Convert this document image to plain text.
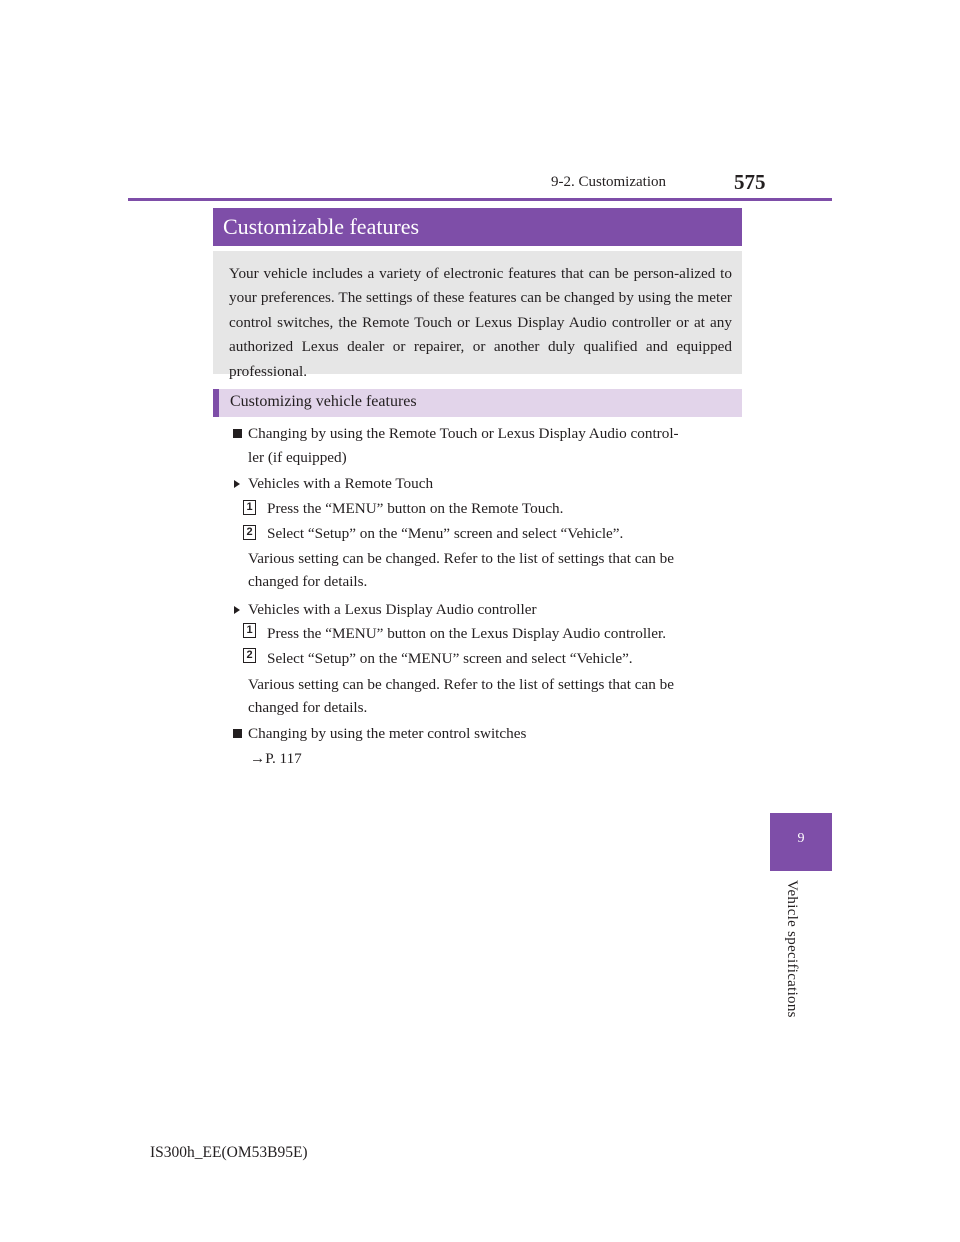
9-2. Customization	575
9
Vehicle specifications
Customizable features
Your vehicle includes a variety of electronic features that can be person-alized to your preferences. The settings of these features can be changed by using the meter control switches, the Remote Touch or Lexus Display Audio controller or at any authorized Lexus dealer or repairer, or another duly qualified and equipped professional.
Customizing vehicle features
Changing by using the Remote Touch or Lexus Display Audio control-
ler (if equipped)
Vehicles with a Remote Touch
1 Press the “MENU” button on the Remote Touch.
2 Select “Setup” on the “Menu” screen and select “Vehicle”.
Various setting can be changed. Refer to the list of settings that can be
changed for details.
Vehicles with a Lexus Display Audio controller
1 Press the “MENU” button on the Lexus Display Audio controller.
2 Select “Setup” on the “MENU” screen and select “Vehicle”.
Various setting can be changed. Refer to the list of settings that can be
changed for details.
Changing by using the meter control switches
→P. 117
IS300h_EE(OM53B95E)
